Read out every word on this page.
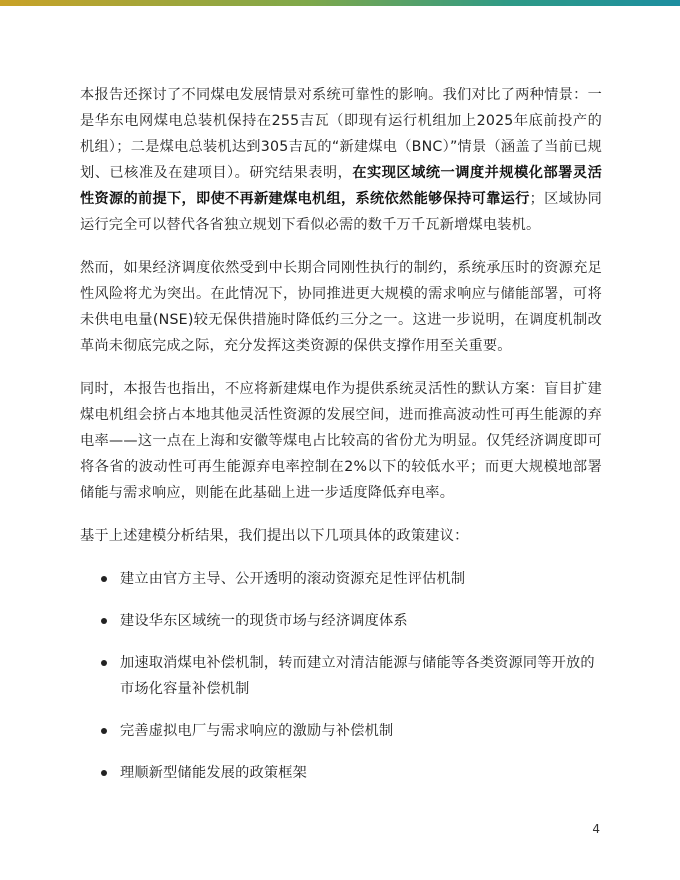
本报告还探讨了不同煤电发展情景对系统可靠性的影响。我们对比了两种情景：一是华东电网煤电总装机保持在255吉瓦（即现有运行机组加上2025年底前投产的机组）；二是煤电总装机达到305吉瓦的“新建煤电（BNC）”情景（涵盖了当前已规划、已核准及在建项目）。研究结果表明，在实现区域统一调度并规模化部署灵活性资源的前提下，即使不再新建煤电机组，系统依然能够保持可靠运行；区域协同运行完全可以替代各省独立规划下看似必需的数千万千瓦新增煤电装机。

然而，如果经济调度依然受到中长期合同刚性执行的制约，系统承压时的资源充足性风险将尤为突出。在此情况下，协同推进更大规模的需求响应与储能部署，可将未供电电量(NSE)较无保供措施时降低约三分之一。这进一步说明，在调度机制改革尚未彻底完成之际，充分发挥这类资源的保供支撑作用至关重要。

同时，本报告也指出，不应将新建煤电作为提供系统灵活性的默认方案：盲目扩建煤电机组会挤占本地其他灵活性资源的发展空间，进而推高波动性可再生能源的弃电率——这一点在上海和安徽等煤电占比较高的省份尤为明显。仅凭经济调度即可将各省的波动性可再生能源弃电率控制在2%以下的较低水平；而更大规模地部署储能与需求响应，则能在此基础上进一步适度降低弃电率。

基于上述建模分析结果，我们提出以下几项具体的政策建议：

建立由官方主导、公开透明的滚动资源充足性评估机制
建设华东区域统一的现货市场与经济调度体系
加速取消煤电补偿机制，转而建立对清洁能源与储能等各类资源同等开放的市场化容量补偿机制
完善虚拟电厂与需求响应的激励与补偿机制
理顺新型储能发展的政策框架
4
